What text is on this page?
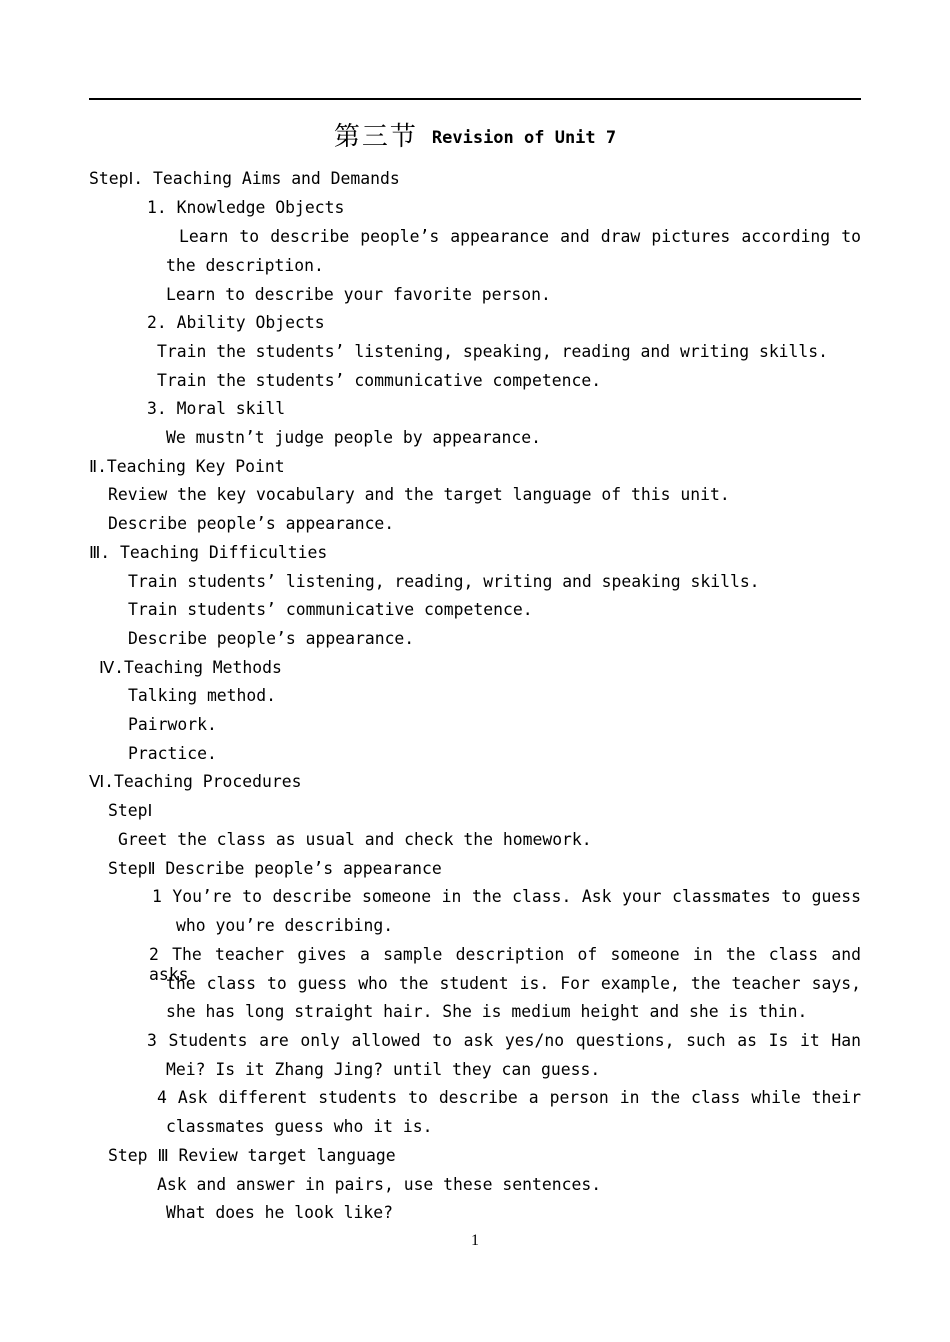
第三节 Revision of Unit 7
StepⅠ. Teaching Aims and Demands
1. Knowledge Objects
Learn to describe people’s appearance and draw pictures according to
the description.
Learn to describe your favorite person.
2. Ability Objects
Train the students’ listening, speaking, reading and writing skills.
Train the students’ communicative competence.
3. Moral skill
We mustn’t judge people by appearance.
Ⅱ.Teaching Key Point
Review the key vocabulary and the target language of this unit.
Describe people’s appearance.
Ⅲ. Teaching Difficulties
Train students’ listening, reading, writing and speaking skills.
Train students’ communicative competence.
Describe people’s appearance.
Ⅳ.Teaching Methods
Talking method.
Pairwork.
Practice.
Ⅵ.Teaching Procedures
StepⅠ
Greet the class as usual and check the homework.
StepⅡ Describe people’s appearance
1 You’re to describe someone in the class. Ask your classmates to guess
who you’re describing.
2 The teacher gives a sample description of someone in the class and asks
the class to guess who the student is. For example, the teacher says,
she has long straight hair. She is medium height and she is thin.
3 Students are only allowed to ask yes/no questions, such as Is it Han
Mei? Is it Zhang Jing? until they can guess.
4 Ask different students to describe a person in the class while their
classmates guess who it is.
Step Ⅲ Review target language
Ask and answer in pairs, use these sentences.
What does he look like?
1
